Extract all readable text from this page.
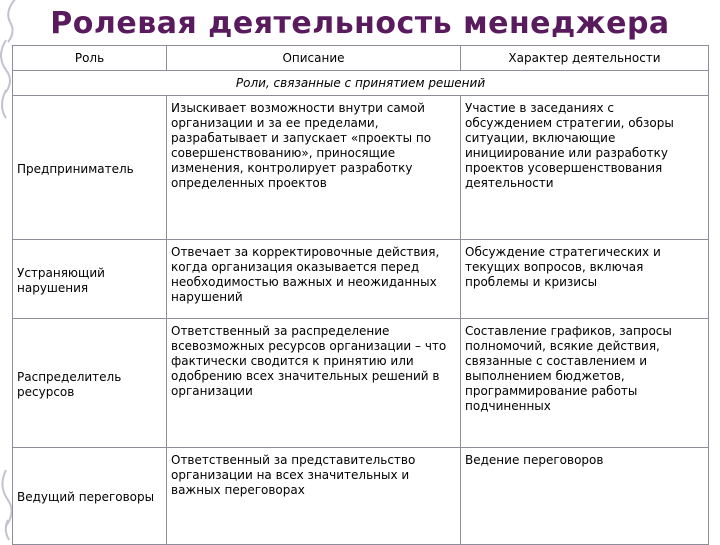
Ролевая деятельность менеджера
Роль	Описание	Характер деятельности
Роли, связанные с принятием решений		
Предприниматель	Изыскивает возможности внутри самой организации и за ее пределами, разрабатывает и запускает «проекты по совершенствованию», приносящие изменения, контролирует разработку определенных проектов	Участие в заседаниях с обсуждением стратегии, обзоры ситуации, включающие инициирование или разработку проектов усовершенствования деятельности
Устраняющий нарушения	Отвечает за корректировочные действия, когда организация оказывается перед необходимостью важных и неожиданных нарушений	Обсуждение стратегических и текущих вопросов, включая проблемы и кризисы
Распределитель ресурсов	Ответственный за распределение всевозможных ресурсов организации – что фактически сводится к принятию или одобрению всех значительных решений в организации	Составление графиков, запросы полномочий, всякие действия, связанные с составлением и выполнением бюджетов, программирование работы подчиненных
Ведущий переговоры	Ответственный за представительство организации на всех значительных и важных переговорах	Ведение переговоров
